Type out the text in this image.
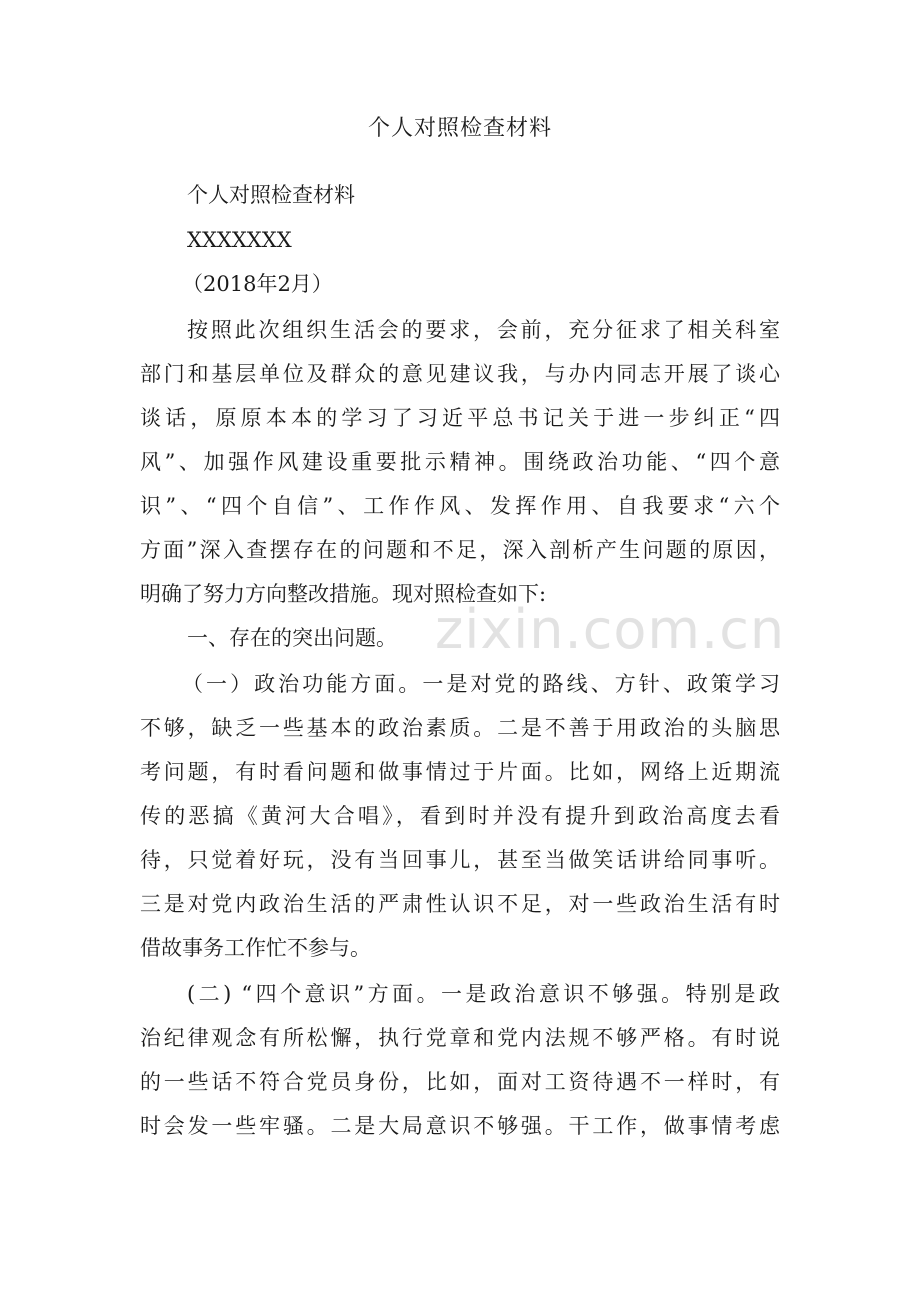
个人对照检查材料
个人对照检查材料
XXXXXXX
（2018年2月）
按照此次组织生活会的要求，会前，充分征求了相关科室
部门和基层单位及群众的意见建议我，与办内同志开展了谈心
谈话，原原本本的学习了习近平总书记关于进一步纠正“四
风”、加强作风建设重要批示精神。围绕政治功能、“四个意
识”、“四个自信”、工作作风、发挥作用、自我要求“六个
方面”深入查摆存在的问题和不足，深入剖析产生问题的原因，
明确了努力方向整改措施。现对照检查如下:
一、存在的突出问题。
（一）政治功能方面。一是对党的路线、方针、政策学习
不够，缺乏一些基本的政治素质。二是不善于用政治的头脑思
考问题，有时看问题和做事情过于片面。比如，网络上近期流
传的恶搞《黄河大合唱》，看到时并没有提升到政治高度去看
待，只觉着好玩，没有当回事儿，甚至当做笑话讲给同事听。
三是对党内政治生活的严肃性认识不足，对一些政治生活有时
借故事务工作忙不参与。
(二) “四个意识”方面。一是政治意识不够强。特别是政
治纪律观念有所松懈，执行党章和党内法规不够严格。有时说
的一些话不符合党员身份，比如，面对工资待遇不一样时，有
时会发一些牢骚。二是大局意识不够强。干工作，做事情考虑
zixin.com.cn
